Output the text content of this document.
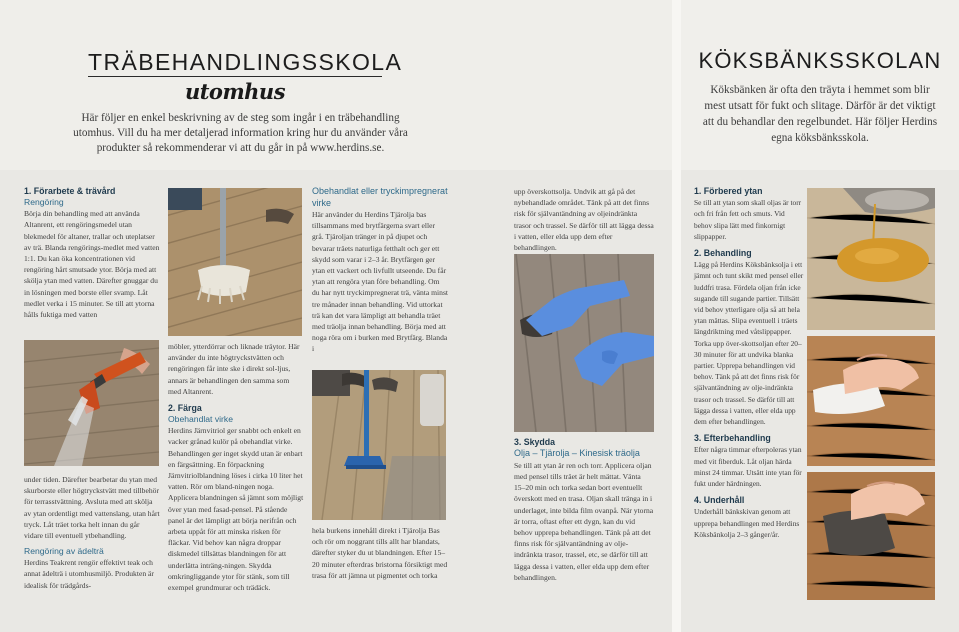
TRÄBEHANDLINGSSKOLA
utomhus
Här följer en enkel beskrivning av de steg som ingår i en träbehandling utomhus. Vill du ha mer detaljerad information kring hur du använder våra produkter så rekommenderar vi att du går in på www.herdins.se.
KÖKSBÄNKSSKOLAN
Köksbänken är ofta den träyta i hemmet som blir mest utsatt för fukt och slitage. Därför är det viktigt att du behandlar den regelbundet. Här följer Herdins egna köksbänksskola.

1. Förarbete & trävård

Rengöring

Börja din behandling med att använda Altanrent, ett rengöringsmedel utan blekmedel för altaner, trallar och uteplatser av trä. Blanda rengörings-medlet med vatten 1:1. Du kan öka koncentrationen vid rengöring hårt smutsade ytor. Börja med att skölja ytan med vatten. Därefter gnuggar du in lösningen med borste eller svamp. Låt medlet verka i 15 minuter. Se till att ytorna hålls fuktiga med vatten

under tiden. Därefter bearbetar du ytan med skurborste eller högtryckstvätt med tillbehör för terrasstvättning. Avsluta med att skölja av ytan ordentligt med vattenslang, utan hårt tryck. Låt träet torka helt innan du går vidare till eventuell ytbehandling.

Rengöring av ädelträ

Herdins Teakrent rengör effektivt teak och annat ädelträ i utomhusmiljö. Produkten är idealisk för trädgårds-

möbler, ytterdörrar och liknade träytor. Här använder du inte högtryckstvätten och rengöringen får inte ske i direkt sol-ljus, annars är behandlingen den samma som med Altanrent.

2. Färga

Obehandlat virke

Herdins Järnvitriol ger snabbt och enkelt en vacker grånad kulör på obehandlat virke. Behandlingen ger inget skydd utan är enbart en färgsättning. En förpackning Järnvitriolblandning löses i cirka 10 liter het vatten. Rör om bland-ningen noga. Applicera blandningen så jämnt som möjligt över ytan med fasad-pensel. På stående panel är det lämpligt att börja nerifrån och arbeta uppåt för att minska risken för fläckar. Vid behov kan några droppar diskmedel tillsättas blandningen för att underlätta inträng-ningen. Skydda omkringliggande ytor för stänk, som till exempel grundmurar och trädäck.

Obehandlat eller tryckimpregnerat virke

Här använder du Herdins Tjärolja bas tillsammans med brytfärgerna svart eller grå. Tjäroljan tränger in på djupet och bevarar träets naturliga fetthalt och ger ett skydd som varar i 2–3 år. Brytfärgen ger ytan ett vackert och livfullt utseende. Du får ytan att rengöra ytan före behandling. Om du har nytt tryckimpregnerat trä, vänta minst tre månader innan behandling. Vid uttorkat trä kan det vara lämpligt att behandla träet med träolja innan behandling. Börja med att noga röra om i burken med Brytfärg. Blanda i

hela burkens innehåll direkt i Tjärolja Bas och rör om noggrant tills allt har blandats, därefter styker du ut blandningen. Efter 15–20 minuter efterdras bristorna försiktigt med trasa för att jämna ut pigmentet och torka

upp överskottsolja. Undvik att gå på det nybehandlade området. Tänk på att det finns risk för självantändning av oljeindränkta trasor och trassel. Se därför till att lägga dessa i vatten, eller elda upp dem efter behandlingen.

3. Skydda

Olja – Tjärolja – Kinesisk träolja

Se till att ytan är ren och torr. Applicera oljan med pensel tills träet är helt mättat. Vänta 15–20 min och torka sedan bort eventuellt överskott med en trasa. Oljan skall tränga in i underlaget, inte bilda film ovanpå. När ytorna är torra, oftast efter ett dygn, kan du vid behov upprepa behandlingen. Tänk på att det finns risk för självantändning av olje-indränkta trasor, trassel, etc, se därför till att lägga dessa i vatten, eller elda upp dem efter behandlingen.

1. Förbered ytan

Se till att ytan som skall oljas är torr och fri från fett och smuts. Vid behov slipa lätt med finkornigt slippapper.

2. Behandling

Lägg på Herdins Köksbänksolja i ett jämnt och tunt skikt med pensel eller luddfri trasa. Fördela oljan från icke sugande till sugande partier. Tillsätt vid behov ytterligare olja så att hela ytan mättas. Slipa eventuell i träets längdriktning med våtslippapper. Torka upp över-skottsoljan efter 20–30 minuter för att undvika blanka partier. Upprepa behandlingen vid behov. Tänk på att det finns risk för självantändning av olje-indränkta trasor och trassel. Se därför till att lägga dessa i vatten, eller elda upp dem efter behandlingen.

3. Efterbehandling

Efter några timmar efterpoleras ytan med vit fiberduk. Låt oljan härda minst 24 timmar. Utsätt inte ytan för fukt under härdningen.

4. Underhåll

Underhåll bänkskivan genom att upprepa behandlingen med Herdins Köksbänkolja 2–3 gånger/år.
